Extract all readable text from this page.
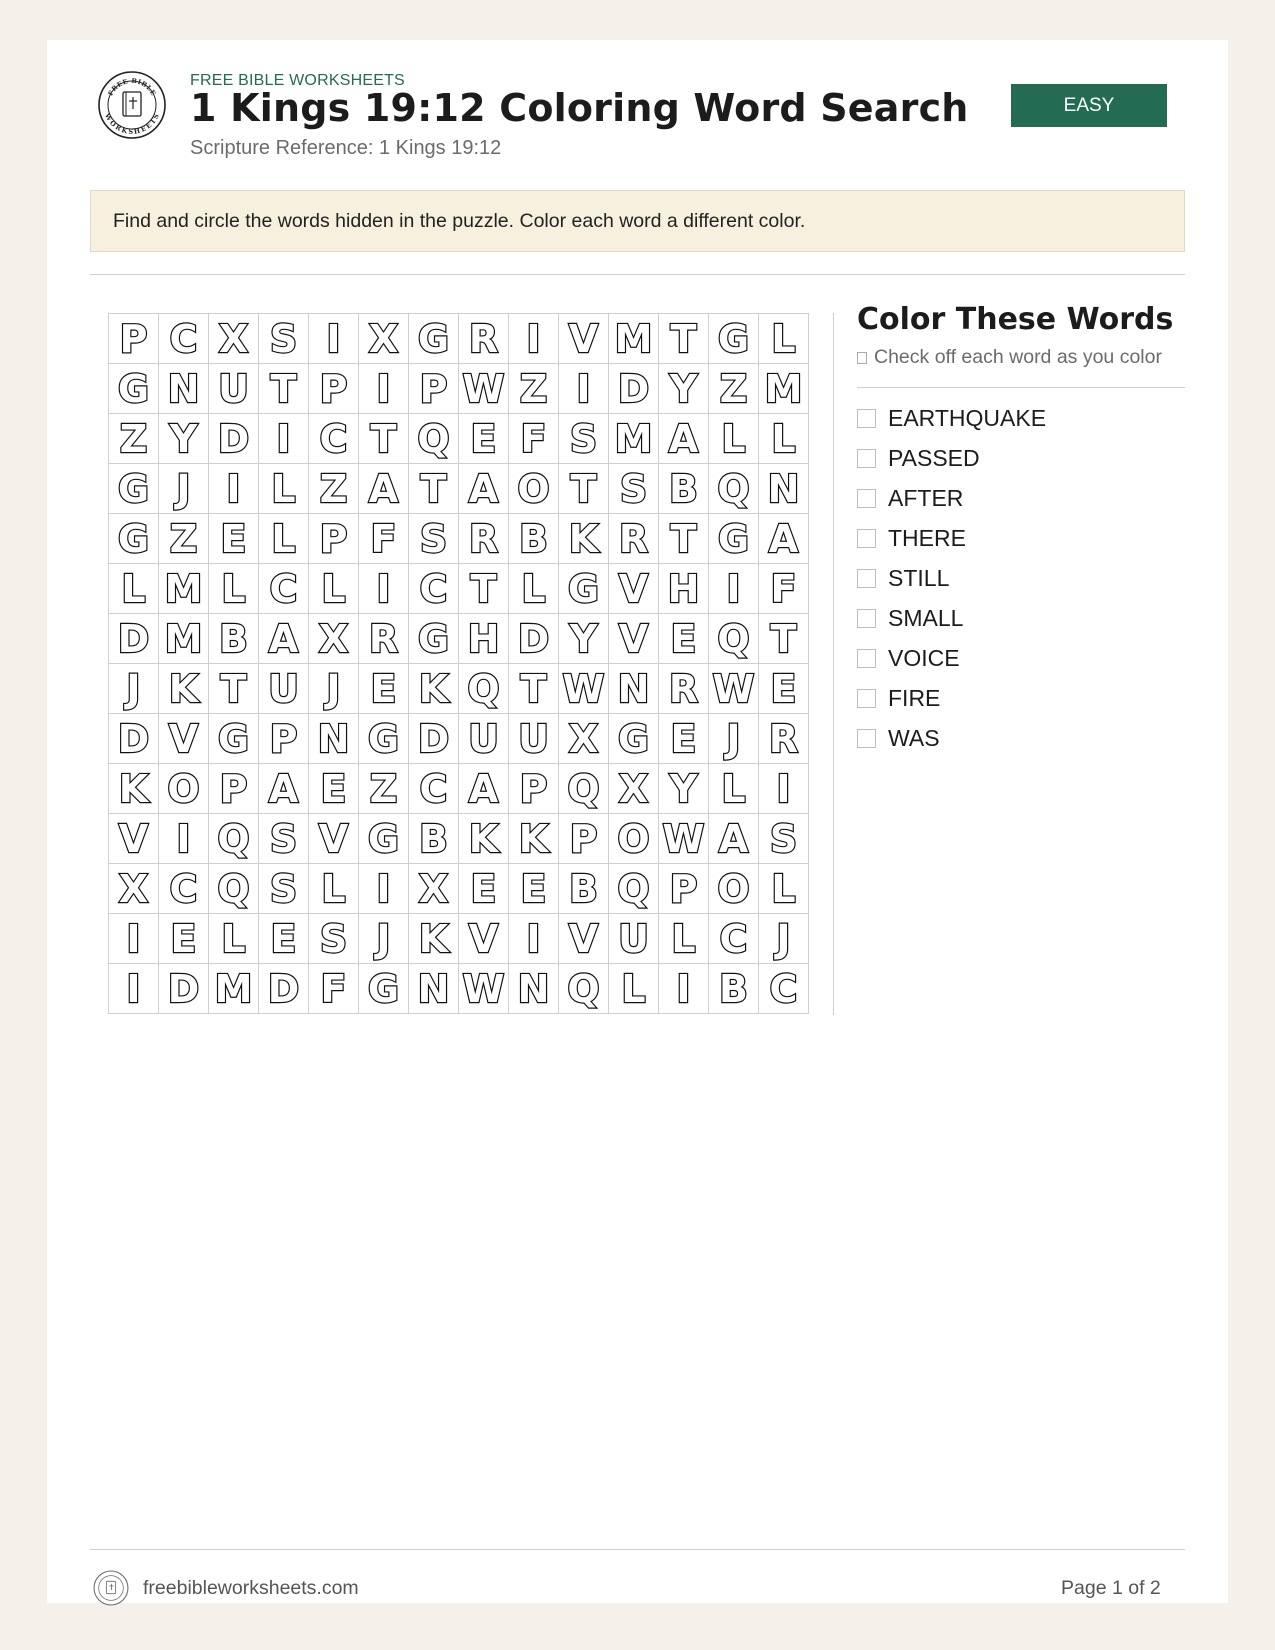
FREE BIBLE
WORKSHEETS
FREE BIBLE WORKSHEETS
1 Kings 19:12 Coloring Word Search
Scripture Reference: 1 Kings 19:12
EASY
Find and circle the words hidden in the puzzle. Color each word a different color.
P C X S I X G R I V M T G L
G N U T P I P W Z I D Y Z M
Z Y D I C T Q E F S M A L L
G J I L Z A T A O T S B Q N
G Z E L P F S R B K R T G A
L M L C L I C T L G V H I F
D M B A X R G H D Y V E Q T
J K T U J E K Q T W N R W E
D V G P N G D U U X G E J R
K O P A E Z C A P Q X Y L I
V I Q S V G B K K P O W A S
X C Q S L I X E E B Q P O L
I E L E S J K V I V U L C J
I D M D F G N W N Q L I B C
Color These Words
Check off each word as you color
EARTHQUAKE
PASSED
AFTER
THERE
STILL
SMALL
VOICE
FIRE
WAS
freebibleworksheets.com	Page 1 of 2
